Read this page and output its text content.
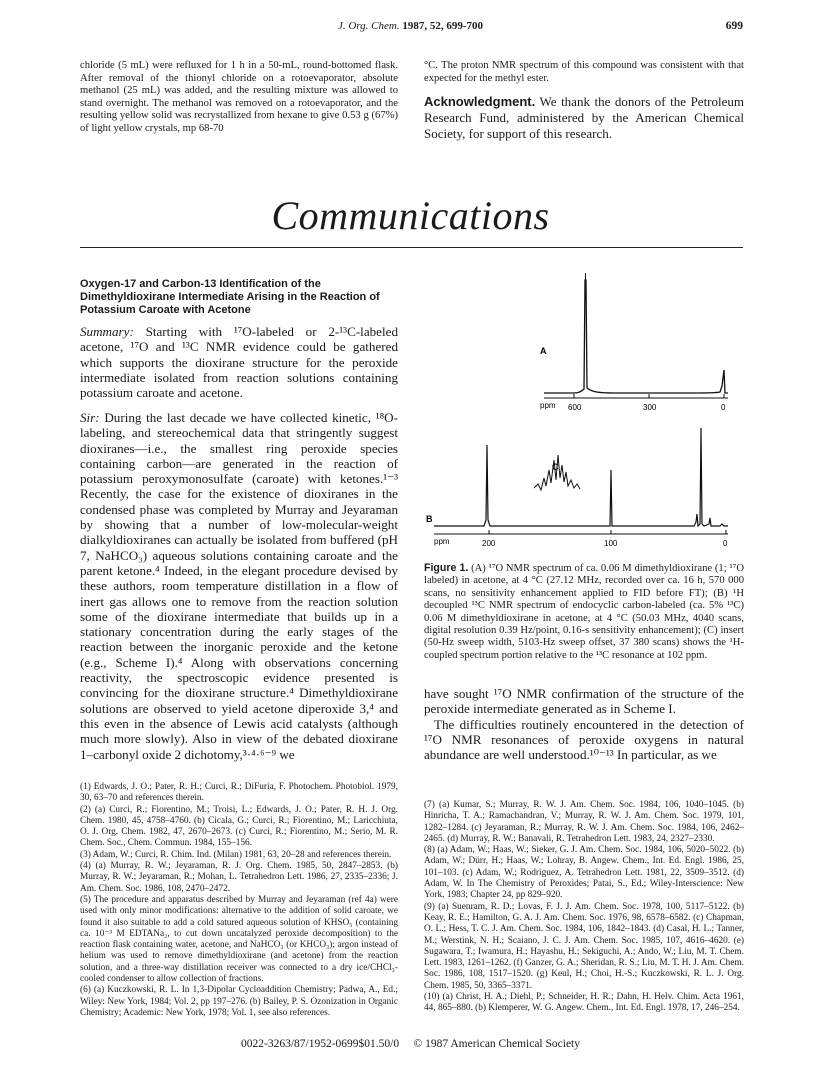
J. Org. Chem. 1987, 52, 699-700	699

chloride (5 mL) were refluxed for 1 h in a 50-mL, round-bottomed flask. After removal of the thionyl chloride on a rotoevaporator, absolute methanol (25 mL) was added, and the resulting mixture was allowed to stand overnight. The methanol was removed on a rotoevaporator, and the resulting yellow solid was recrystallized from hexane to give 0.53 g (67%) of light yellow crystals, mp 68-70

°C. The proton NMR spectrum of this compound was consistent with that expected for the methyl ester.

Acknowledgment. We thank the donors of the Petroleum Research Fund, administered by the American Chemical Society, for support of this research.
Communications
Oxygen-17 and Carbon-13 Identification of the Dimethyldioxirane Intermediate Arising in the Reaction of Potassium Caroate with Acetone

Summary: Starting with ¹⁷O-labeled or 2-¹³C-labeled acetone, ¹⁷O and ¹³C NMR evidence could be gathered which supports the dioxirane structure for the peroxide intermediate isolated from reaction solutions containing potassium caroate and acetone.

Sir: During the last decade we have collected kinetic, ¹⁸O-labeling, and stereochemical data that stringently suggest dioxiranes—i.e., the smallest ring peroxide species containing carbon—are generated in the reaction of potassium peroxymonosulfate (caroate) with ketones.¹⁻³ Recently, the case for the existence of dioxiranes in the condensed phase was completed by Murray and Jeyaraman by showing that a number of low-molecular-weight dialkyldioxiranes can actually be isolated from buffered (pH 7, NaHCO₃) aqueous solutions containing caroate and the parent ketone.⁴ Indeed, in the elegant procedure devised by these authors, room temperature distillation in a flow of inert gas allows one to remove from the reaction solution some of the dioxirane intermediate that builds up in a stationary concentration during the early stages of the reaction between the inorganic peroxide and the ketone (e.g., Scheme I).⁴ Along with observations concerning reactivity, the spectroscopic evidence presented is convincing for the dioxirane structure.⁴ Dimethyldioxirane solutions are observed to yield acetone diperoxide 3,⁴ and this even in the absence of Lewis acid catalysts (although much more slowly). Also in view of the debated dioxirane 1–carbonyl oxide 2 dichotomy,³·⁴·⁶⁻⁹ we

A
ppm 600	300	0
C
B
ppm	200	100	0
Figure 1. (A) ¹⁷O NMR spectrum of ca. 0.06 M dimethyldioxirane (1; ¹⁷O labeled) in acetone, at 4 °C (27.12 MHz, recorded over ca. 16 h, 570 000 scans, no sensitivity enhancement applied to FID before FT); (B) ¹H decoupled ¹³C NMR spectrum of endocyclic carbon-labeled (ca. 5% ¹³C) 0.06 M dimethyldioxirane in acetone, at 4 °C (50.03 MHz, 4040 scans, digital resolution 0.39 Hz/point, 0.16-s sensitivity enhancement); (C) insert (50-Hz sweep width, 5103-Hz sweep offset, 37 380 scans) shows the ¹H-coupled spectrum portion relative to the ¹³C resonance at 102 ppm.

have sought ¹⁷O NMR confirmation of the structure of the peroxide intermediate generated as in Scheme I.

The difficulties routinely encountered in the detection of ¹⁷O NMR resonances of peroxide oxygens in natural abundance are well understood.¹⁰⁻¹³ In particular, as we

(1) Edwards, J. O.; Pater, R. H.; Curci, R.; DiFuria, F. Photochem. Photobiol. 1979, 30, 63–70 and references therein.

(2) (a) Curci, R.; Fiorentino, M.; Troisi, L.; Edwards, J. O.; Pater, R. H. J. Org. Chem. 1980, 45, 4758–4760. (b) Cicala, G.; Curci, R.; Fiorentino, M.; Laricchiuta, O. J. Org. Chem. 1982, 47, 2670–2673. (c) Curci, R.; Fiorentino, M.; Serio, M. R. Chem. Soc., Chem. Commun. 1984, 155–156.

(3) Adam, W.; Curci, R. Chim. Ind. (Milan) 1981, 63, 20–28 and references therein.

(4) (a) Murray, R. W.; Jeyaraman, R. J. Org. Chem. 1985, 50, 2847–2853. (b) Murray, R. W.; Jeyaraman, R.; Mohan, L. Tetrahedron Lett. 1986, 27, 2335–2336; J. Am. Chem. Soc. 1986, 108, 2470–2472.

(5) The procedure and apparatus described by Murray and Jeyaraman (ref 4a) were used with only minor modifications: alternative to the addition of solid caroate, we found it also suitable to add a cold satured aqueous solution of KHSO₅ (containing ca. 10⁻³ M EDTANa₂, to cut down uncatalyzed peroxide decomposition) to the reaction flask containing water, acetone, and NaHCO₃ (or KHCO₃); argon instead of helium was used to remove dimethyldioxirane (and acetone) from the reaction solution, and a three-way distillation receiver was connected to a dry ice/CHCl₃-cooled condenser to allow collection of fractions.

(6) (a) Kuczkowski, R. L. In 1,3-Dipolar Cycloaddition Chemistry; Padwa, A., Ed.; Wiley: New York, 1984; Vol. 2, pp 197–276. (b) Bailey, P. S. Ozonization in Organic Chemistry; Academic: New York, 1978; Vol. 1, see also references.

(7) (a) Kumar, S.; Murray, R. W. J. Am. Chem. Soc. 1984, 106, 1040–1045. (b) Hinricha, T. A.; Ramachandran, V.; Murray, R. W. J. Am. Chem. Soc. 1979, 101, 1282–1284. (c) Jeyaraman, R.; Murray, R. W. J. Am. Chem. Soc. 1984, 106, 2462–2465. (d) Murray, R. W.; Banavali, R. Tetrahedron Lett. 1983, 24, 2327–2330.

(8) (a) Adam, W.; Haas, W.; Sieker, G. J. Am. Chem. Soc. 1984, 106, 5020–5022. (b) Adam, W.; Dürr, H.; Haas, W.; Lohray, B. Angew. Chem., Int. Ed. Engl. 1986, 25, 101–103. (c) Adam, W.; Rodriguez, A. Tetrahedron Lett. 1981, 22, 3509–3512. (d) Adam, W. In The Chemistry of Peroxides; Patai, S., Ed.; Wiley-Interscience: New York, 1983; Chapter 24, pp 829–920.

(9) (a) Suenram, R. D.; Lovas, F. J. J. Am. Chem. Soc. 1978, 100, 5117–5122. (b) Keay, R. E.; Hamilton, G. A. J. Am. Chem. Soc. 1976, 98, 6578–6582. (c) Chapman, O. L.; Hess, T. C. J. Am. Chem. Soc. 1984, 106, 1842–1843. (d) Casal, H. L.; Tanner, M.; Werstink, N. H.; Scaiano, J. C. J. Am. Chem. Soc. 1985, 107, 4616–4620. (e) Sugawara, T.; Iwamura, H.; Hayashu, H.; Sekiguchi, A.; Ando, W.; Liu, M. T. Chem. Lett. 1983, 1261–1262. (f) Ganzer, G. A.; Sheridan, R. S.; Liu, M. T. H. J. Am. Chem. Soc. 1986, 108, 1517–1520. (g) Keul, H.; Choi, H.-S.; Kuczkowski, R. L. J. Org. Chem. 1985, 50, 3365–3371.

(10) (a) Christ, H. A.; Diehl, P.; Schneider, H. R.; Dahn, H. Helv. Chim. Acta 1961, 44, 865–880. (b) Klemperer, W. G. Angew. Chem., Int. Ed. Engl. 1978, 17, 246–254.

0022-3263/87/1952-0699$01.50/0 © 1987 American Chemical Society
